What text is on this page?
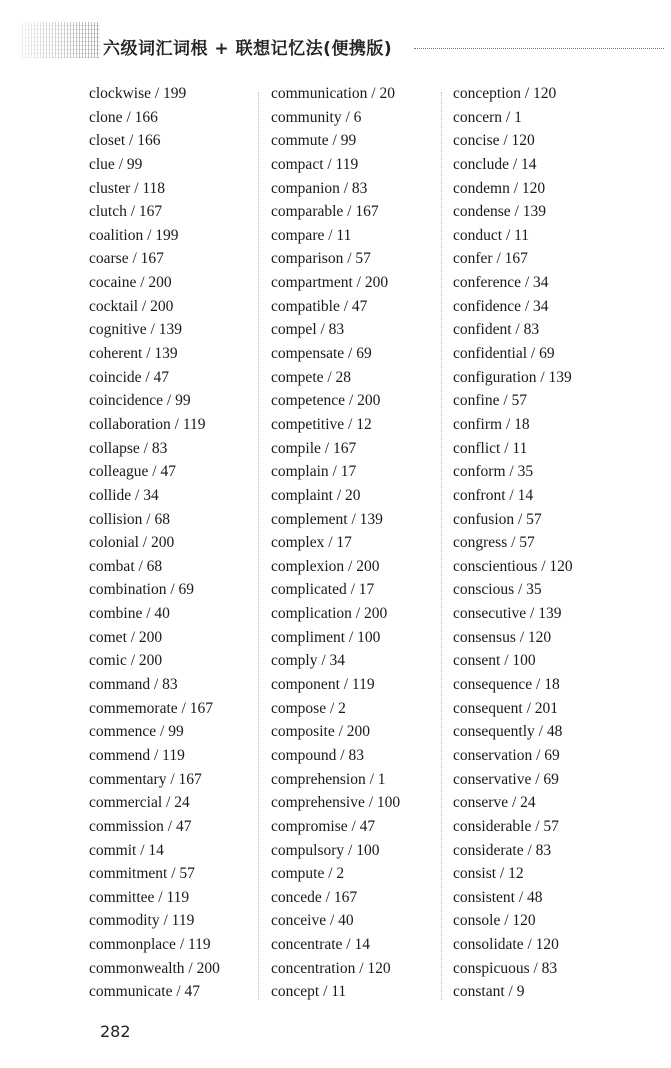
六级词汇词根 + 联想记忆法(便携版)
clockwise / 199
clone / 166
closet / 166
clue / 99
cluster / 118
clutch / 167
coalition / 199
coarse / 167
cocaine / 200
cocktail / 200
cognitive / 139
coherent / 139
coincide / 47
coincidence / 99
collaboration / 119
collapse / 83
colleague / 47
collide / 34
collision / 68
colonial / 200
combat / 68
combination / 69
combine / 40
comet / 200
comic / 200
command / 83
commemorate / 167
commence / 99
commend / 119
commentary / 167
commercial / 24
commission / 47
commit / 14
commitment / 57
committee / 119
commodity / 119
commonplace / 119
commonwealth / 200
communicate / 47
communication / 20
community / 6
commute / 99
compact / 119
companion / 83
comparable / 167
compare / 11
comparison / 57
compartment / 200
compatible / 47
compel / 83
compensate / 69
compete / 28
competence / 200
competitive / 12
compile / 167
complain / 17
complaint / 20
complement / 139
complex / 17
complexion / 200
complicated / 17
complication / 200
compliment / 100
comply / 34
component / 119
compose / 2
composite / 200
compound / 83
comprehension / 1
comprehensive / 100
compromise / 47
compulsory / 100
compute / 2
concede / 167
conceive / 40
concentrate / 14
concentration / 120
concept / 11
conception / 120
concern / 1
concise / 120
conclude / 14
condemn / 120
condense / 139
conduct / 11
confer / 167
conference / 34
confidence / 34
confident / 83
confidential / 69
configuration / 139
confine / 57
confirm / 18
conflict / 11
conform / 35
confront / 14
confusion / 57
congress / 57
conscientious / 120
conscious / 35
consecutive / 139
consensus / 120
consent / 100
consequence / 18
consequent / 201
consequently / 48
conservation / 69
conservative / 69
conserve / 24
considerable / 57
considerate / 83
consist / 12
consistent / 48
console / 120
consolidate / 120
conspicuous / 83
constant / 9
282
